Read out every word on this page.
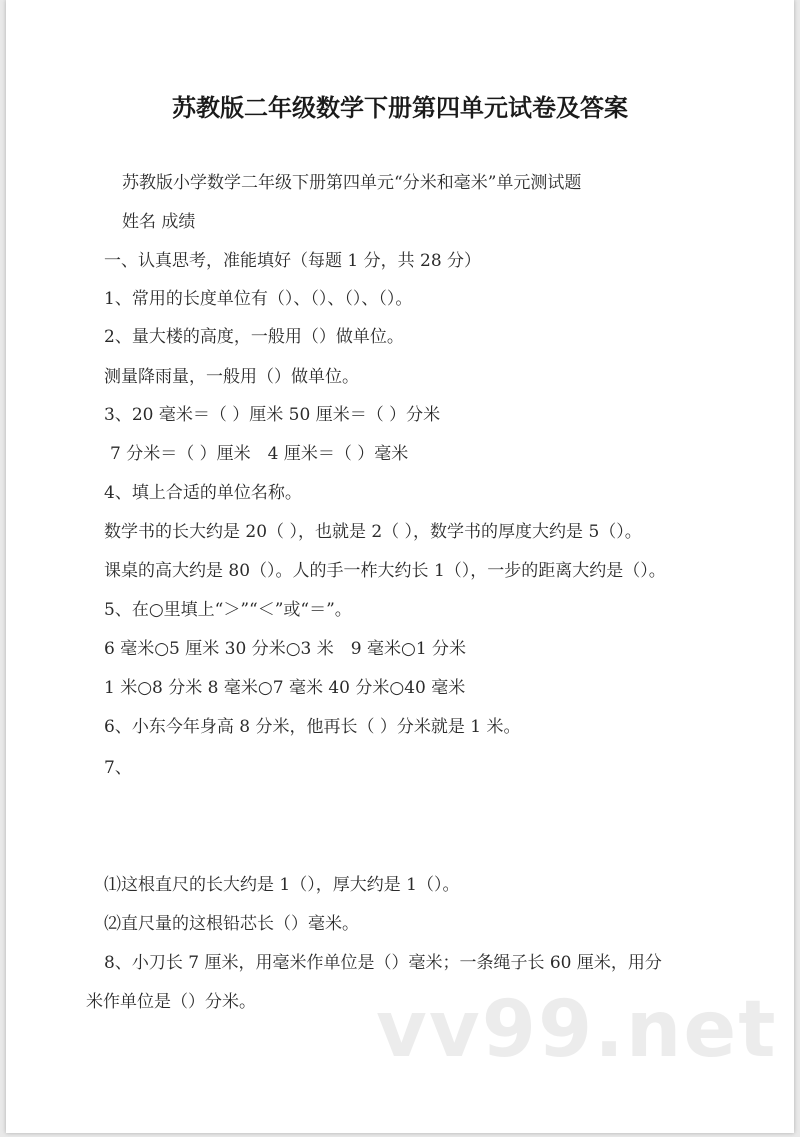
苏教版二年级数学下册第四单元试卷及答案
苏教版小学数学二年级下册第四单元“分米和毫米”单元测试题
姓名 成绩
一、认真思考，准能填好（每题 1 分，共 28 分）
1、常用的长度单位有（）、（）、（）、（）。
2、量大楼的高度，一般用（）做单位。
测量降雨量，一般用（）做单位。
3、20 毫米＝（ ）厘米 50 厘米＝（ ）分米
7 分米＝（ ）厘米　4 厘米＝（ ）毫米
4、填上合适的单位名称。
数学书的长大约是 20（ ），也就是 2（ ），数学书的厚度大约是 5（）。
课桌的高大约是 80（）。人的手一柞大约长 1（），一步的距离大约是（）。
5、在○里填上“＞”“＜”或“＝”。
6 毫米○5 厘米 30 分米○3 米　9 毫米○1 分米
1 米○8 分米 8 毫米○7 毫米 40 分米○40 毫米
6、小东今年身高 8 分米，他再长（ ）分米就是 1 米。
7、
⑴这根直尺的长大约是 1（），厚大约是 1（）。
⑵直尺量的这根铅芯长（）毫米。
8、小刀长 7 厘米，用毫米作单位是（）毫米；一条绳子长 60 厘米，用分
米作单位是（）分米。 vv99.net
